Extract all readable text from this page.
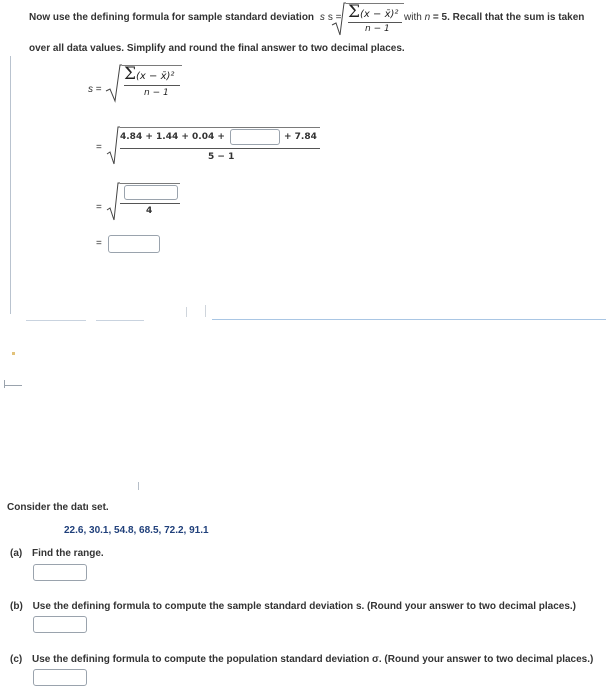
Now use the defining formula for sample standard deviation s s = Σ(x − x̄)²
n − 1
with n = 5. Recall that the sum is taken
over all data values. Simplify and round the final answer to two decimal places.
s =
Σ(x − x̄)²
n − 1
=
4.84 + 1.44 + 0.04 +	+ 7.84
5 − 1
=	4
=
Consider the datı set.
22.6, 30.1, 54.8, 68.5, 72.2, 91.1
(a) Find the range.
(b) Use the defining formula to compute the sample standard deviation s. (Round your answer to two decimal places.)
(c) Use the defining formula to compute the population standard deviation σ. (Round your answer to two decimal places.)
